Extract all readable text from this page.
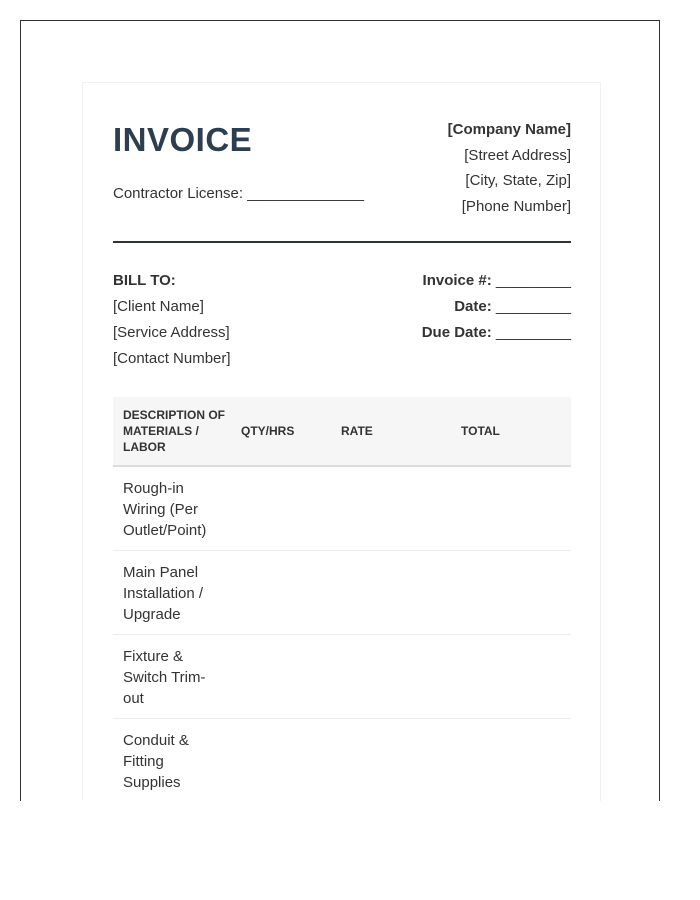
INVOICE
Contractor License: ______________
[Company Name]
[Street Address]
[City, State, Zip]
[Phone Number]
BILL TO:
[Client Name]
[Service Address]
[Contact Number]
Invoice #: _________
Date: _________
Due Date: _________
DESCRIPTION OF MATERIALS / LABOR
QTY/HRS	RATE	TOTAL
Rough-in Wiring (Per Outlet/Point)
Main Panel Installation / Upgrade
Fixture & Switch Trim-out
Conduit & Fitting Supplies
